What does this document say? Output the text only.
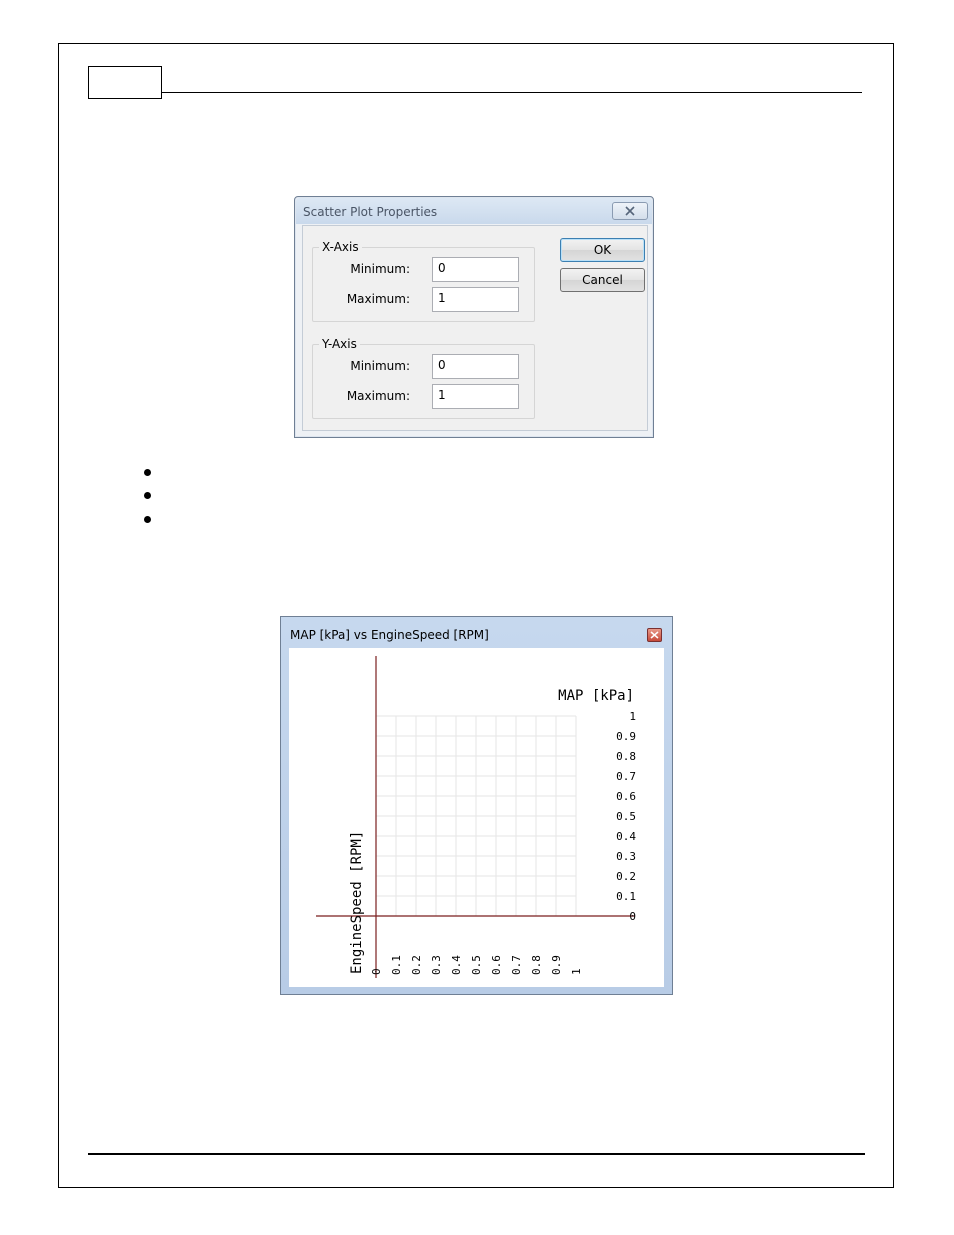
Scatter Plot Properties
X-Axis
Minimum:	0
Maximum:	1
Y-Axis
Minimum:	0
Maximum:	1
OK
Cancel
MAP [kPa] vs EngineSpeed [RPM]
0
0.1
0.2
0.3
0.4
0.5
0.6
0.7
0.8
0.9
1
0 0.1 0.2 0.3 0.4 0.5 0.6 0.7 0.8 0.9 1
MAP [kPa]
EngineSpeed [RPM]
